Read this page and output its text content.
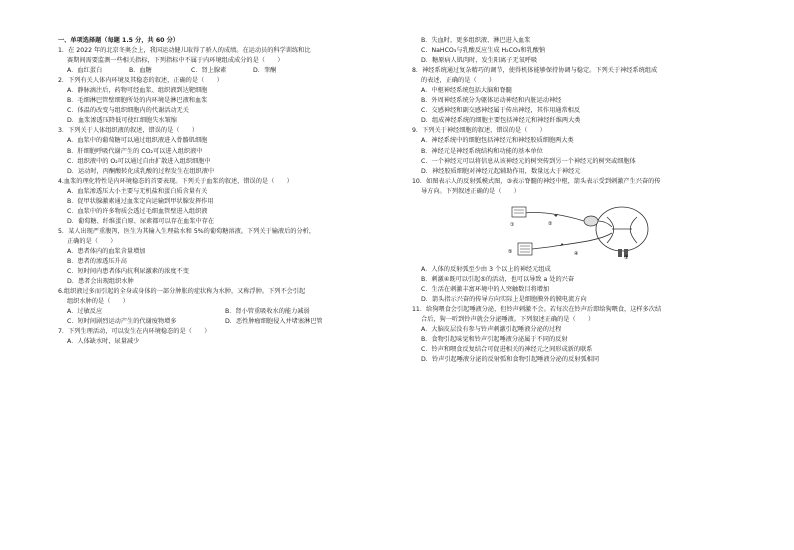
一、单项选择题（每题 1.5 分，共 60 分）

1．在 2022 年的北京冬奥会上，我国运动健儿取得了骄人的成绩。在运动员的科学训练和比

赛期间需要监测一些相关指标，下列指标中不属于内环境组成成分的是（　　）

A．血红蛋白	B．血糖	C．肾上腺素	D．睾酮

2．下列有关人体内环境及其稳态的叙述，正确的是（　　）

A．静脉滴注后，药物可经血浆、组织液到达靶细胞

B．毛细淋巴管壁细胞所处的内环境是淋巴液和血浆

C．体温的改变与组织细胞内的代谢活动无关

D．血浆渗透压降低可使红细胞失水皱缩

3．下列关于人体组织液的叙述，错误的是（　　）

A．血浆中的葡萄糖可以通过组织液进入骨骼肌细胞

B．肝细胞呼吸代谢产生的 CO₂可以进入组织液中

C．组织液中的 O₂可以通过自由扩散进入组织细胞中

D．运动时，丙酮酸转化成乳酸的过程发生在组织液中

4.血浆的理化特性是内环境稳态的首要表现。下列关于血浆的叙述，错误的是（　　）

A．血浆渗透压大小主要与无机盐和蛋白质含量有关

B．促甲状腺激素通过血浆定向运输到甲状腺发挥作用

C．血浆中的许多物质会透过毛细血管壁进入组织液

D．葡萄糖、纤维蛋白原、尿素都可以存在血浆中存在

5．某人出现严重腹泻，医生为其输入生理盐水和 5%的葡萄糖溶液。下列关于输液后的分析，

正确的是（　　）

A．患者体内的血浆含量增加

B．患者的渗透压升高

C．短时间内患者体内抗利尿激素的浓度不变

D．患者会出现组织水肿

6.组织液过多而引起的全身或身体的一部分肿胀的症状称为水肿，又称浮肿。下列不会引起

组织水肿的是（　　）

A．过敏反应	B．肾小管重吸收水的能力减弱
C．短时间剧烈运动产生的代谢废物增多	D．恶性肿瘤细胞侵入并堵塞淋巴管

7．下列生理活动，可以发生在内环境稳态的是（　　）

A．人体缺水时，尿量减少

B．失血时，更多组织液、淋巴进入血浆

C．NaHCO₃与乳酸反应生成 H₂CO₃和乳酸钠

D．糖原病人肌肉时，发生阳离子无氧呼吸

8．神经系统通过复杂精巧的调节，使得机体能够保持协调与稳定。下列关于神经系统组成

的表述，正确的是（　　）

A．中枢神经系统包括大脑和脊髓

B．外周神经系统分为躯体运动神经和内脏运动神经

C．交感神经和副交感神经属于传出神经，其作用通常相反

D．组成神经系统的细胞主要包括神经元和神经纤维两大类

9．下列关于神经细胞的叙述，错误的是（　　）

A．神经系统中的细胞包括神经元和神经胶质细胞两大类

B．神经元是神经系统结构和功能的基本单位

C．一个神经元可以将信息从该神经元的树突传到另一个神经元的树突或细胞体

D．神经胶质细胞对神经元起辅助作用，数量远大于神经元

10．如图表示人的反射弧模式图，③表示脊髓的神经中枢，箭头表示受到刺激产生兴奋的传

导方向。下列叙述正确的是（　　）

①	②
③
④
⑤

A．人体的反射弧至少由 3 个以上的神经元组成

B．刺激④既可以引起⑤的活动，也可以导致 a 处的兴奋

C．生活在刺激丰富环境中的人突触数目将增加

D．箭头指示兴奋的传导方向实际上是细胞膜外的膜电流方向

11．给狗喂食会引起唾液分泌，但铃声刺激不会。若每次在铃声后即给狗喂食，这样多次结

合后，狗一听到铃声就会分泌唾液。下列叙述正确的是（　　）

A．大脑皮层没有参与铃声刺激引起唾液分泌的过程

B．食物引起味觉和铃声引起唾液分泌属于不同的反射

C．铃声和喂食反复结合可促进相关的神经元之间形成新的联系

D．铃声引起唾液分泌的反射弧和食物引起唾液分泌的反射弧相同
